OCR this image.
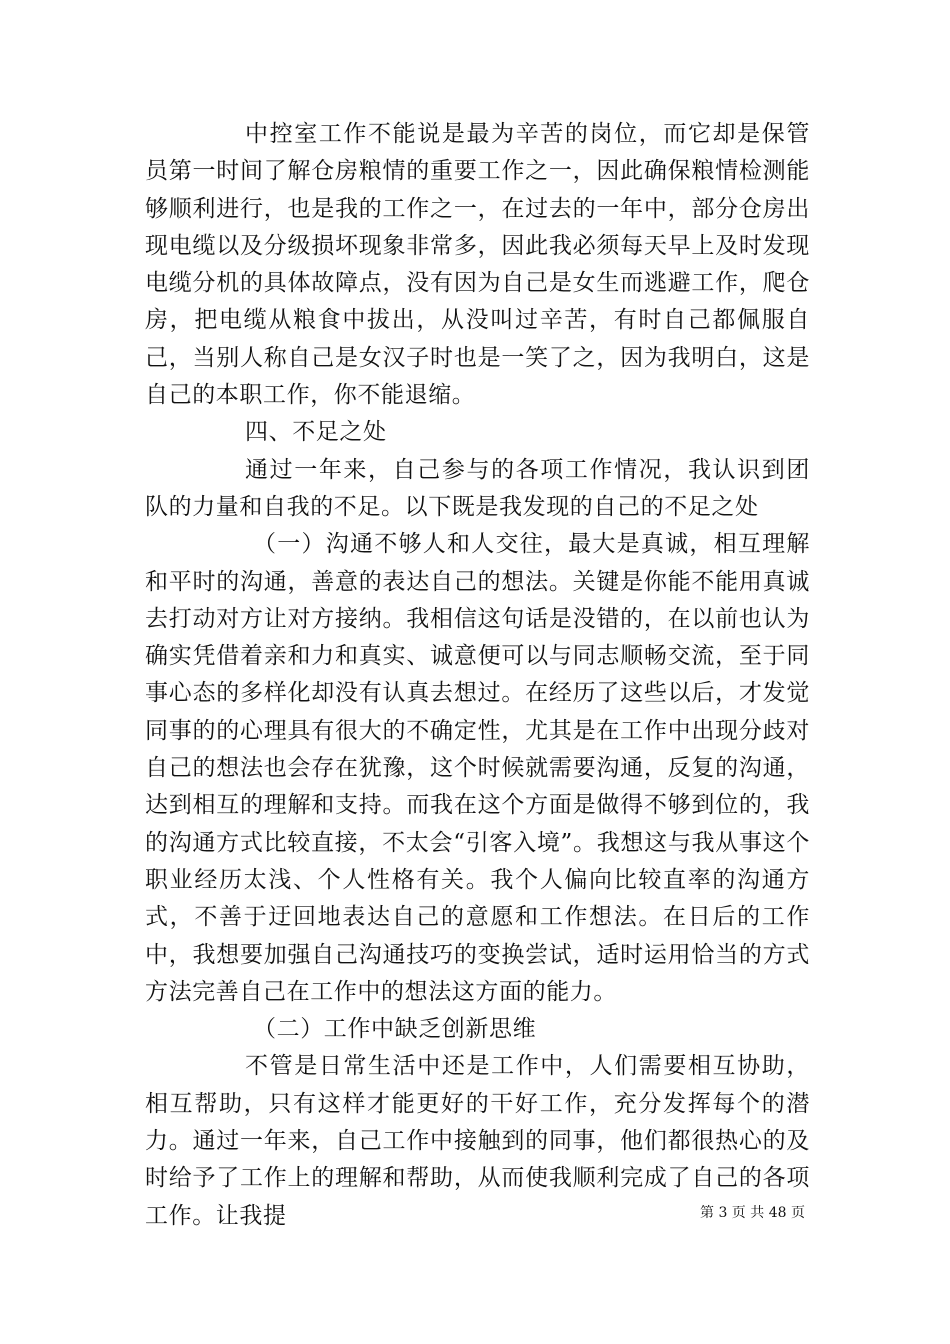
中控室工作不能说是最为辛苦的岗位，而它却是保管员第一时间了解仓房粮情的重要工作之一，因此确保粮情检测能够顺利进行，也是我的工作之一，在过去的一年中，部分仓房出现电缆以及分级损坏现象非常多，因此我必须每天早上及时发现电缆分机的具体故障点，没有因为自己是女生而逃避工作，爬仓房，把电缆从粮食中拔出，从没叫过辛苦，有时自己都佩服自己，当别人称自己是女汉子时也是一笑了之，因为我明白，这是自己的本职工作，你不能退缩。

四、不足之处

通过一年来，自己参与的各项工作情况，我认识到团队的力量和自我的不足。以下既是我发现的自己的不足之处

（一）沟通不够人和人交往，最大是真诚，相互理解和平时的沟通，善意的表达自己的想法。关键是你能不能用真诚去打动对方让对方接纳。我相信这句话是没错的，在以前也认为确实凭借着亲和力和真实、诚意便可以与同志顺畅交流，至于同事心态的多样化却没有认真去想过。在经历了这些以后，才发觉同事的的心理具有很大的不确定性，尤其是在工作中出现分歧对自己的想法也会存在犹豫，这个时候就需要沟通，反复的沟通，达到相互的理解和支持。而我在这个方面是做得不够到位的，我的沟通方式比较直接，不太会“引客入境”。我想这与我从事这个职业经历太浅、个人性格有关。我个人偏向比较直率的沟通方式，不善于迂回地表达自己的意愿和工作想法。在日后的工作中，我想要加强自己沟通技巧的变换尝试，适时运用恰当的方式方法完善自己在工作中的想法这方面的能力。

（二）工作中缺乏创新思维

不管是日常生活中还是工作中，人们需要相互协助，相互帮助，只有这样才能更好的干好工作，充分发挥每个的潜力。通过一年来，自己工作中接触到的同事，他们都很热心的及时给予了工作上的理解和帮助，从而使我顺利完成了自己的各项工作。让我提	第 3 页 共 48 页
